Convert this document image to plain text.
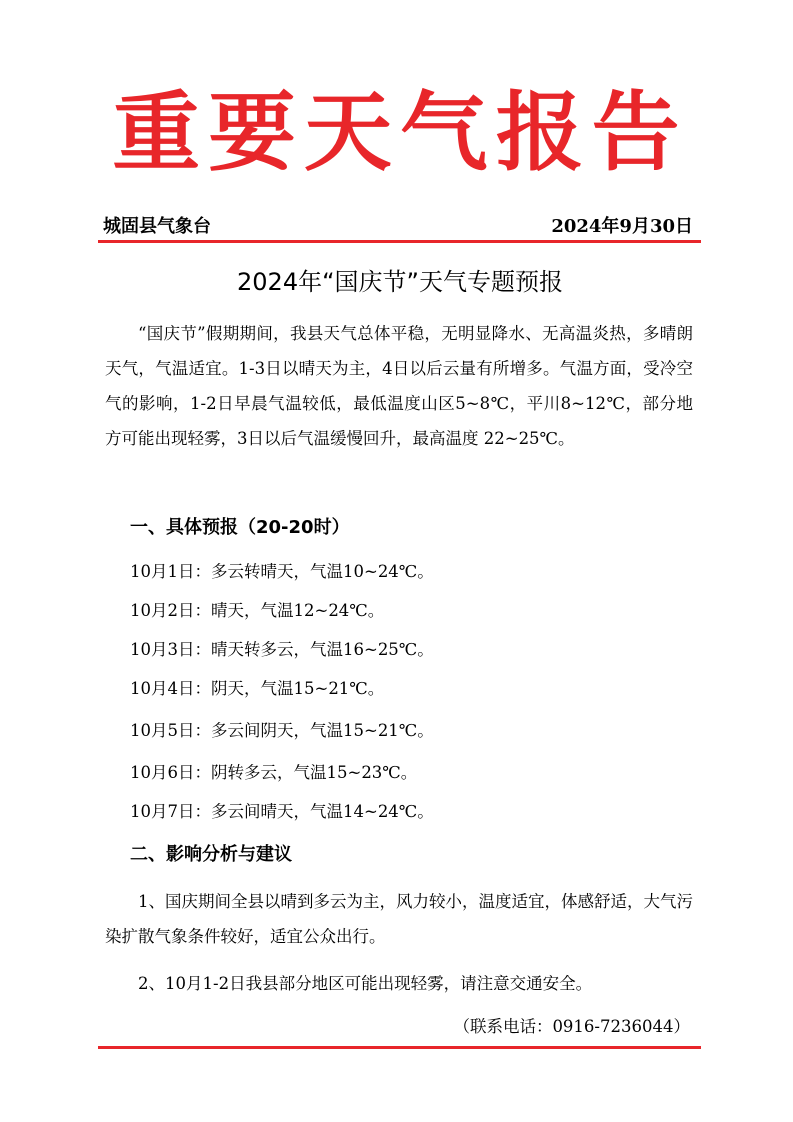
重要天气报告
城固县气象台	2024年9月30日
2024年“国庆节”天气专题预报
“国庆节”假期期间，我县天气总体平稳，无明显降水、无高温炎热，多晴朗天气，气温适宜。1-3日以晴天为主，4日以后云量有所增多。气温方面，受冷空气的影响，1-2日早晨气温较低，最低温度山区5~8℃，平川8~12℃，部分地方可能出现轻雾，3日以后气温缓慢回升，最高温度 22~25℃。
一、具体预报（20-20时）
10月1日：多云转晴天，气温10~24℃。
10月2日：晴天，气温12~24℃。
10月3日：晴天转多云，气温16~25℃。
10月4日：阴天，气温15~21℃。
10月5日：多云间阴天，气温15~21℃。
10月6日：阴转多云，气温15~23℃。
10月7日：多云间晴天，气温14~24℃。
二、影响分析与建议
1、国庆期间全县以晴到多云为主，风力较小，温度适宜，体感舒适，大气污染扩散气象条件较好，适宜公众出行。
2、10月1-2日我县部分地区可能出现轻雾，请注意交通安全。
（联系电话：0916-7236044）
